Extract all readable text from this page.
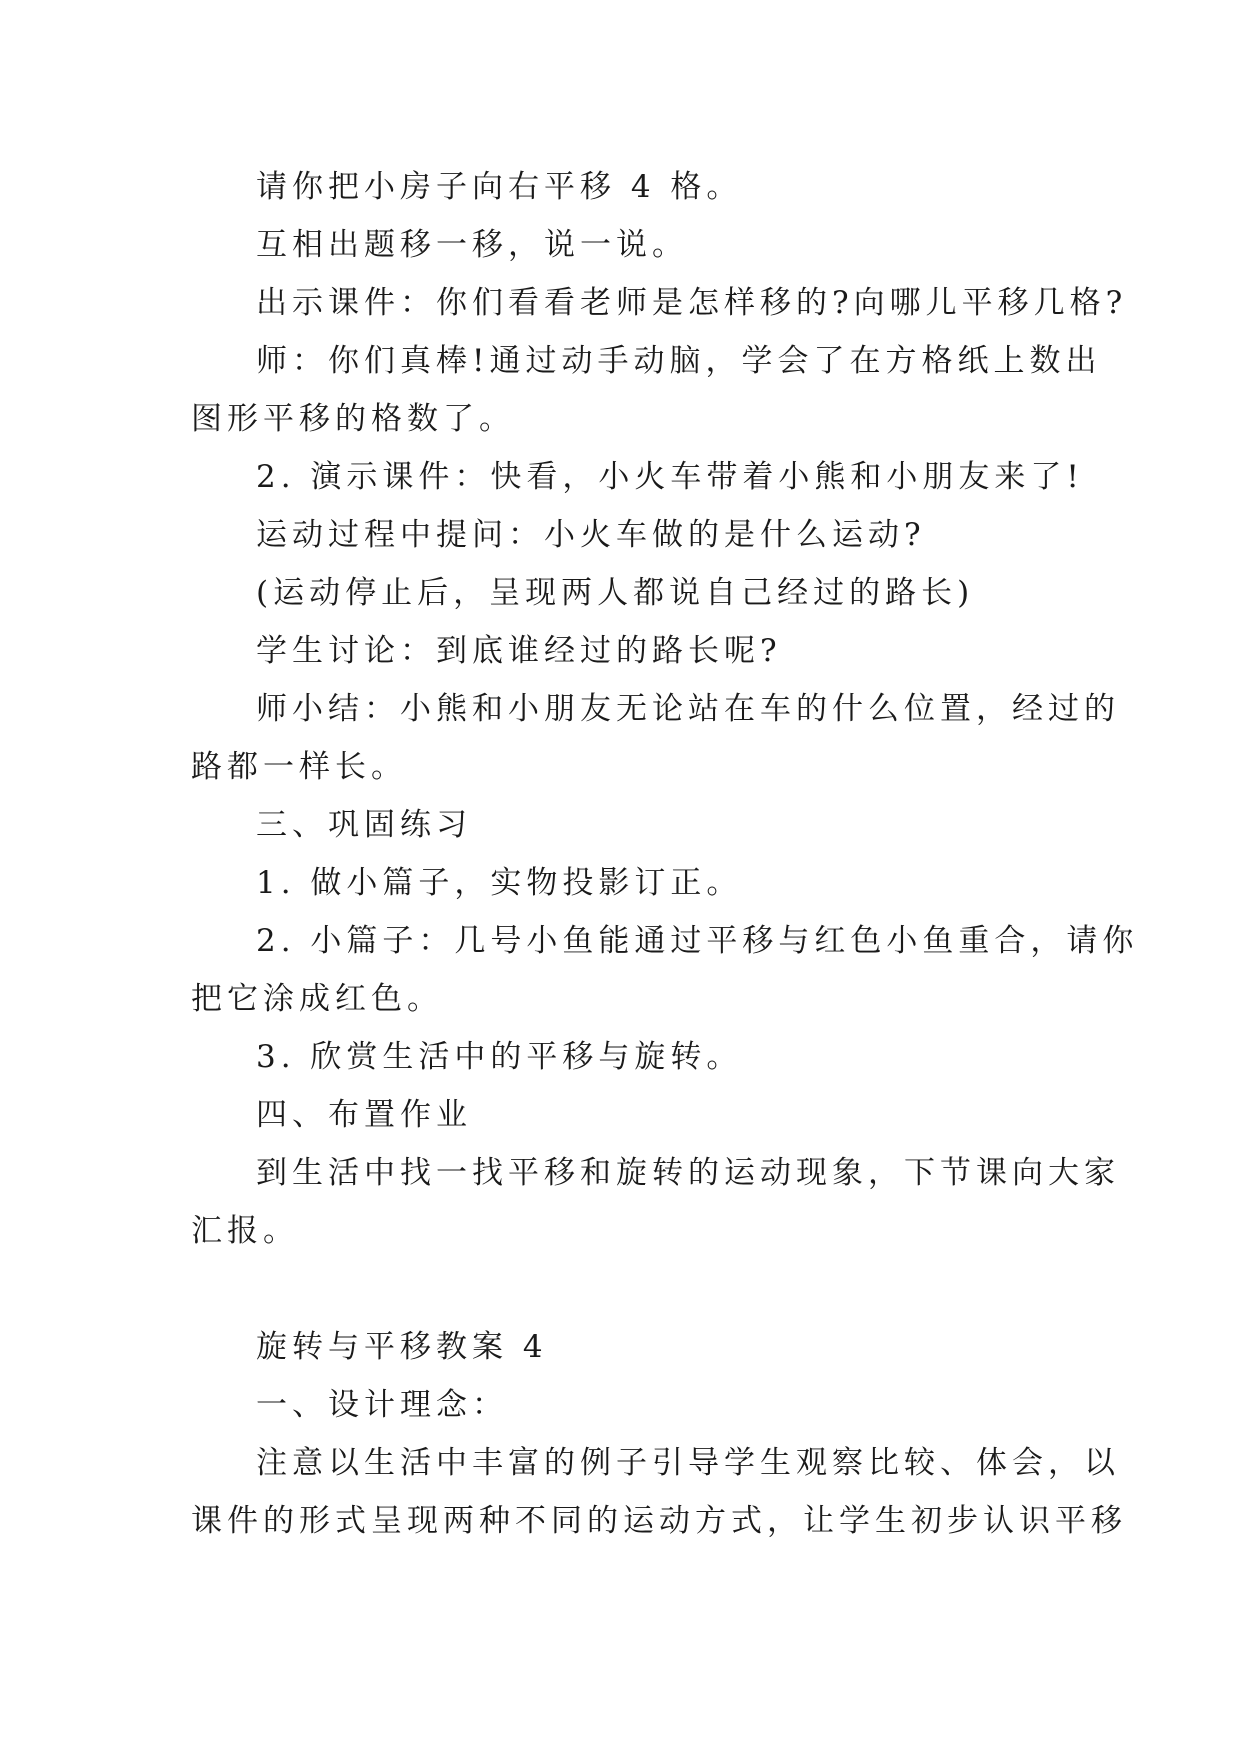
请你把小房子向右平移 4 格。

互相出题移一移，说一说。

出示课件：你们看看老师是怎样移的?向哪儿平移几格?

师：你们真棒!通过动手动脑，学会了在方格纸上数出

图形平移的格数了。

2. 演示课件：快看，小火车带着小熊和小朋友来了!

运动过程中提问：小火车做的是什么运动?

(运动停止后，呈现两人都说自己经过的路长)

学生讨论：到底谁经过的路长呢?

师小结：小熊和小朋友无论站在车的什么位置，经过的

路都一样长。

三、巩固练习

1. 做小篇子，实物投影订正。

2. 小篇子：几号小鱼能通过平移与红色小鱼重合，请你

把它涂成红色。

3. 欣赏生活中的平移与旋转。

四、布置作业

到生活中找一找平移和旋转的运动现象，下节课向大家

汇报。

旋转与平移教案 4

一、设计理念：

注意以生活中丰富的例子引导学生观察比较、体会，以

课件的形式呈现两种不同的运动方式，让学生初步认识平移
